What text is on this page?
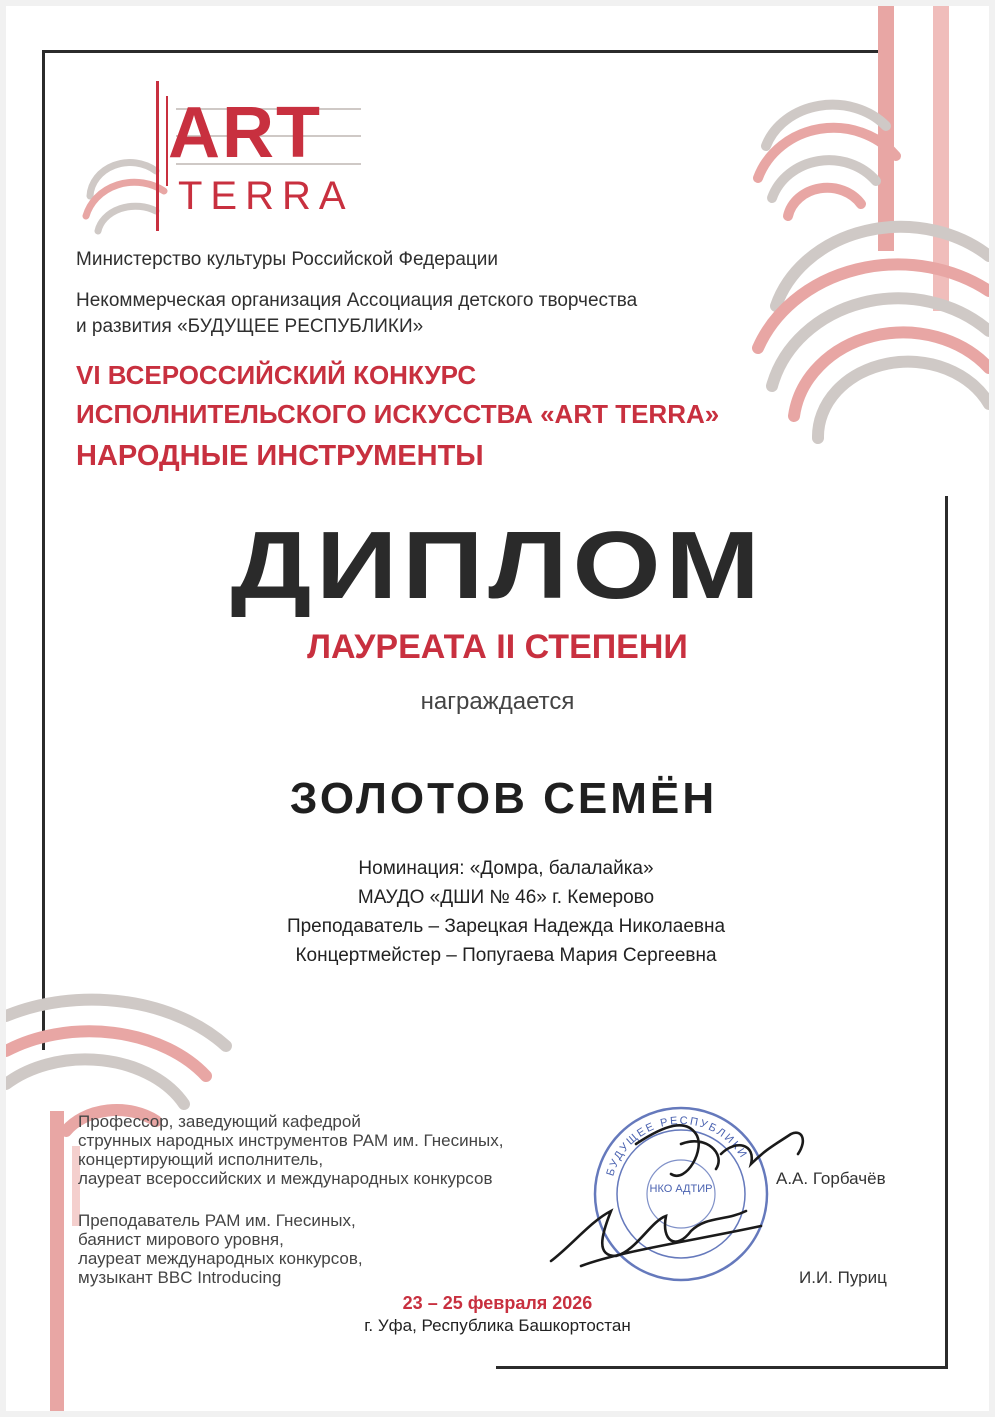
ART
TERRA
Министерство культуры Российской Федерации
Некоммерческая организация Ассоциация детского творчества
и развития «БУДУЩЕЕ РЕСПУБЛИКИ»
VI ВСЕРОССИЙСКИЙ КОНКУРС
ИСПОЛНИТЕЛЬСКОГО ИСКУССТВА «ART TERRA»
НАРОДНЫЕ ИНСТРУМЕНТЫ
ДИПЛОМ
ЛАУРЕАТА II СТЕПЕНИ
награждается
ЗОЛОТОВ СЕМЁН
Номинация: «Домра, балалайка»
МАУДО «ДШИ № 46» г. Кемерово
Преподаватель – Зарецкая Надежда Николаевна
Концертмейстер – Попугаева Мария Сергеевна
НКО АДТИР
БУДУЩЕЕ РЕСПУБЛИКИ
Профессор, заведующий кафедрой
струнных народных инструментов РАМ им. Гнесиных,
концертирующий исполнитель,
лауреат всероссийских и международных конкурсов	А.А. Горбачёв
Преподаватель РАМ им. Гнесиных,
баянист мирового уровня,
лауреат международных конкурсов,
музыкант BBC Introducing	И.И. Пуриц
23 – 25 февраля 2026
г. Уфа, Республика Башкортостан
